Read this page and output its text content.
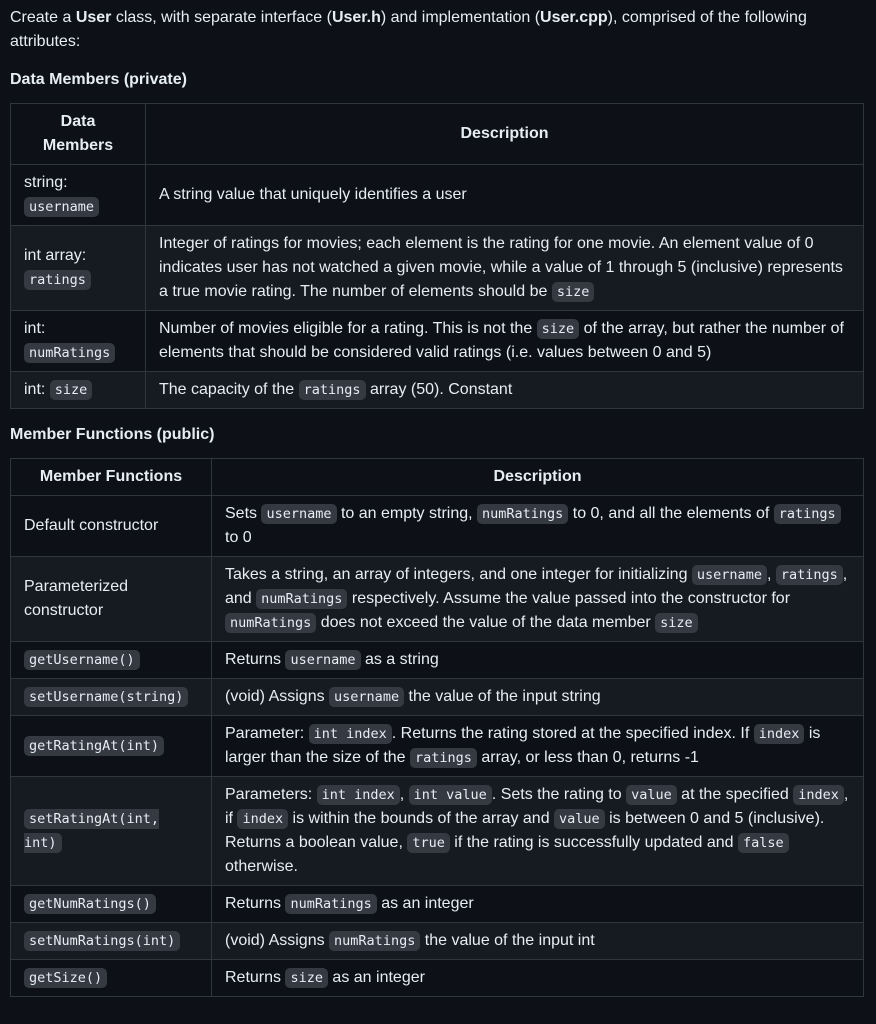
Create a User class, with separate interface (User.h) and implementation (User.cpp), comprised of the following attributes:

Data Members (private)
Data Members	Description
string:
username	A string value that uniquely identifies a user
int array:
ratings	Integer of ratings for movies; each element is the rating for one movie. An element value of 0 indicates user has not watched a given movie, while a value of 1 through 5 (inclusive) represents a true movie rating. The number of elements should be size
int:
numRatings	Number of movies eligible for a rating. This is not the size of the array, but rather the number of elements that should be considered valid ratings (i.e. values between 0 and 5)
int: size	The capacity of the ratings array (50). Constant
Member Functions (public)
Member Functions	Description
Default constructor	Sets username to an empty string, numRatings to 0, and all the elements of ratings to 0
Parameterized constructor	Takes a string, an array of integers, and one integer for initializing username , ratings , and numRatings respectively. Assume the value passed into the constructor for numRatings does not exceed the value of the data member size
getUsername()	Returns username as a string
setUsername(string)	(void) Assigns username the value of the input string
getRatingAt(int)	Parameter: int index . Returns the rating stored at the specified index. If index is larger than the size of the ratings array, or less than 0, returns -1
setRatingAt(int, int)	Parameters: int index , int value . Sets the rating to value at the specified index , if index is within the bounds of the array and value is between 0 and 5 (inclusive). Returns a boolean value, true if the rating is successfully updated and false otherwise.
getNumRatings()	Returns numRatings as an integer
setNumRatings(int)	(void) Assigns numRatings the value of the input int
getSize()	Returns size as an integer
